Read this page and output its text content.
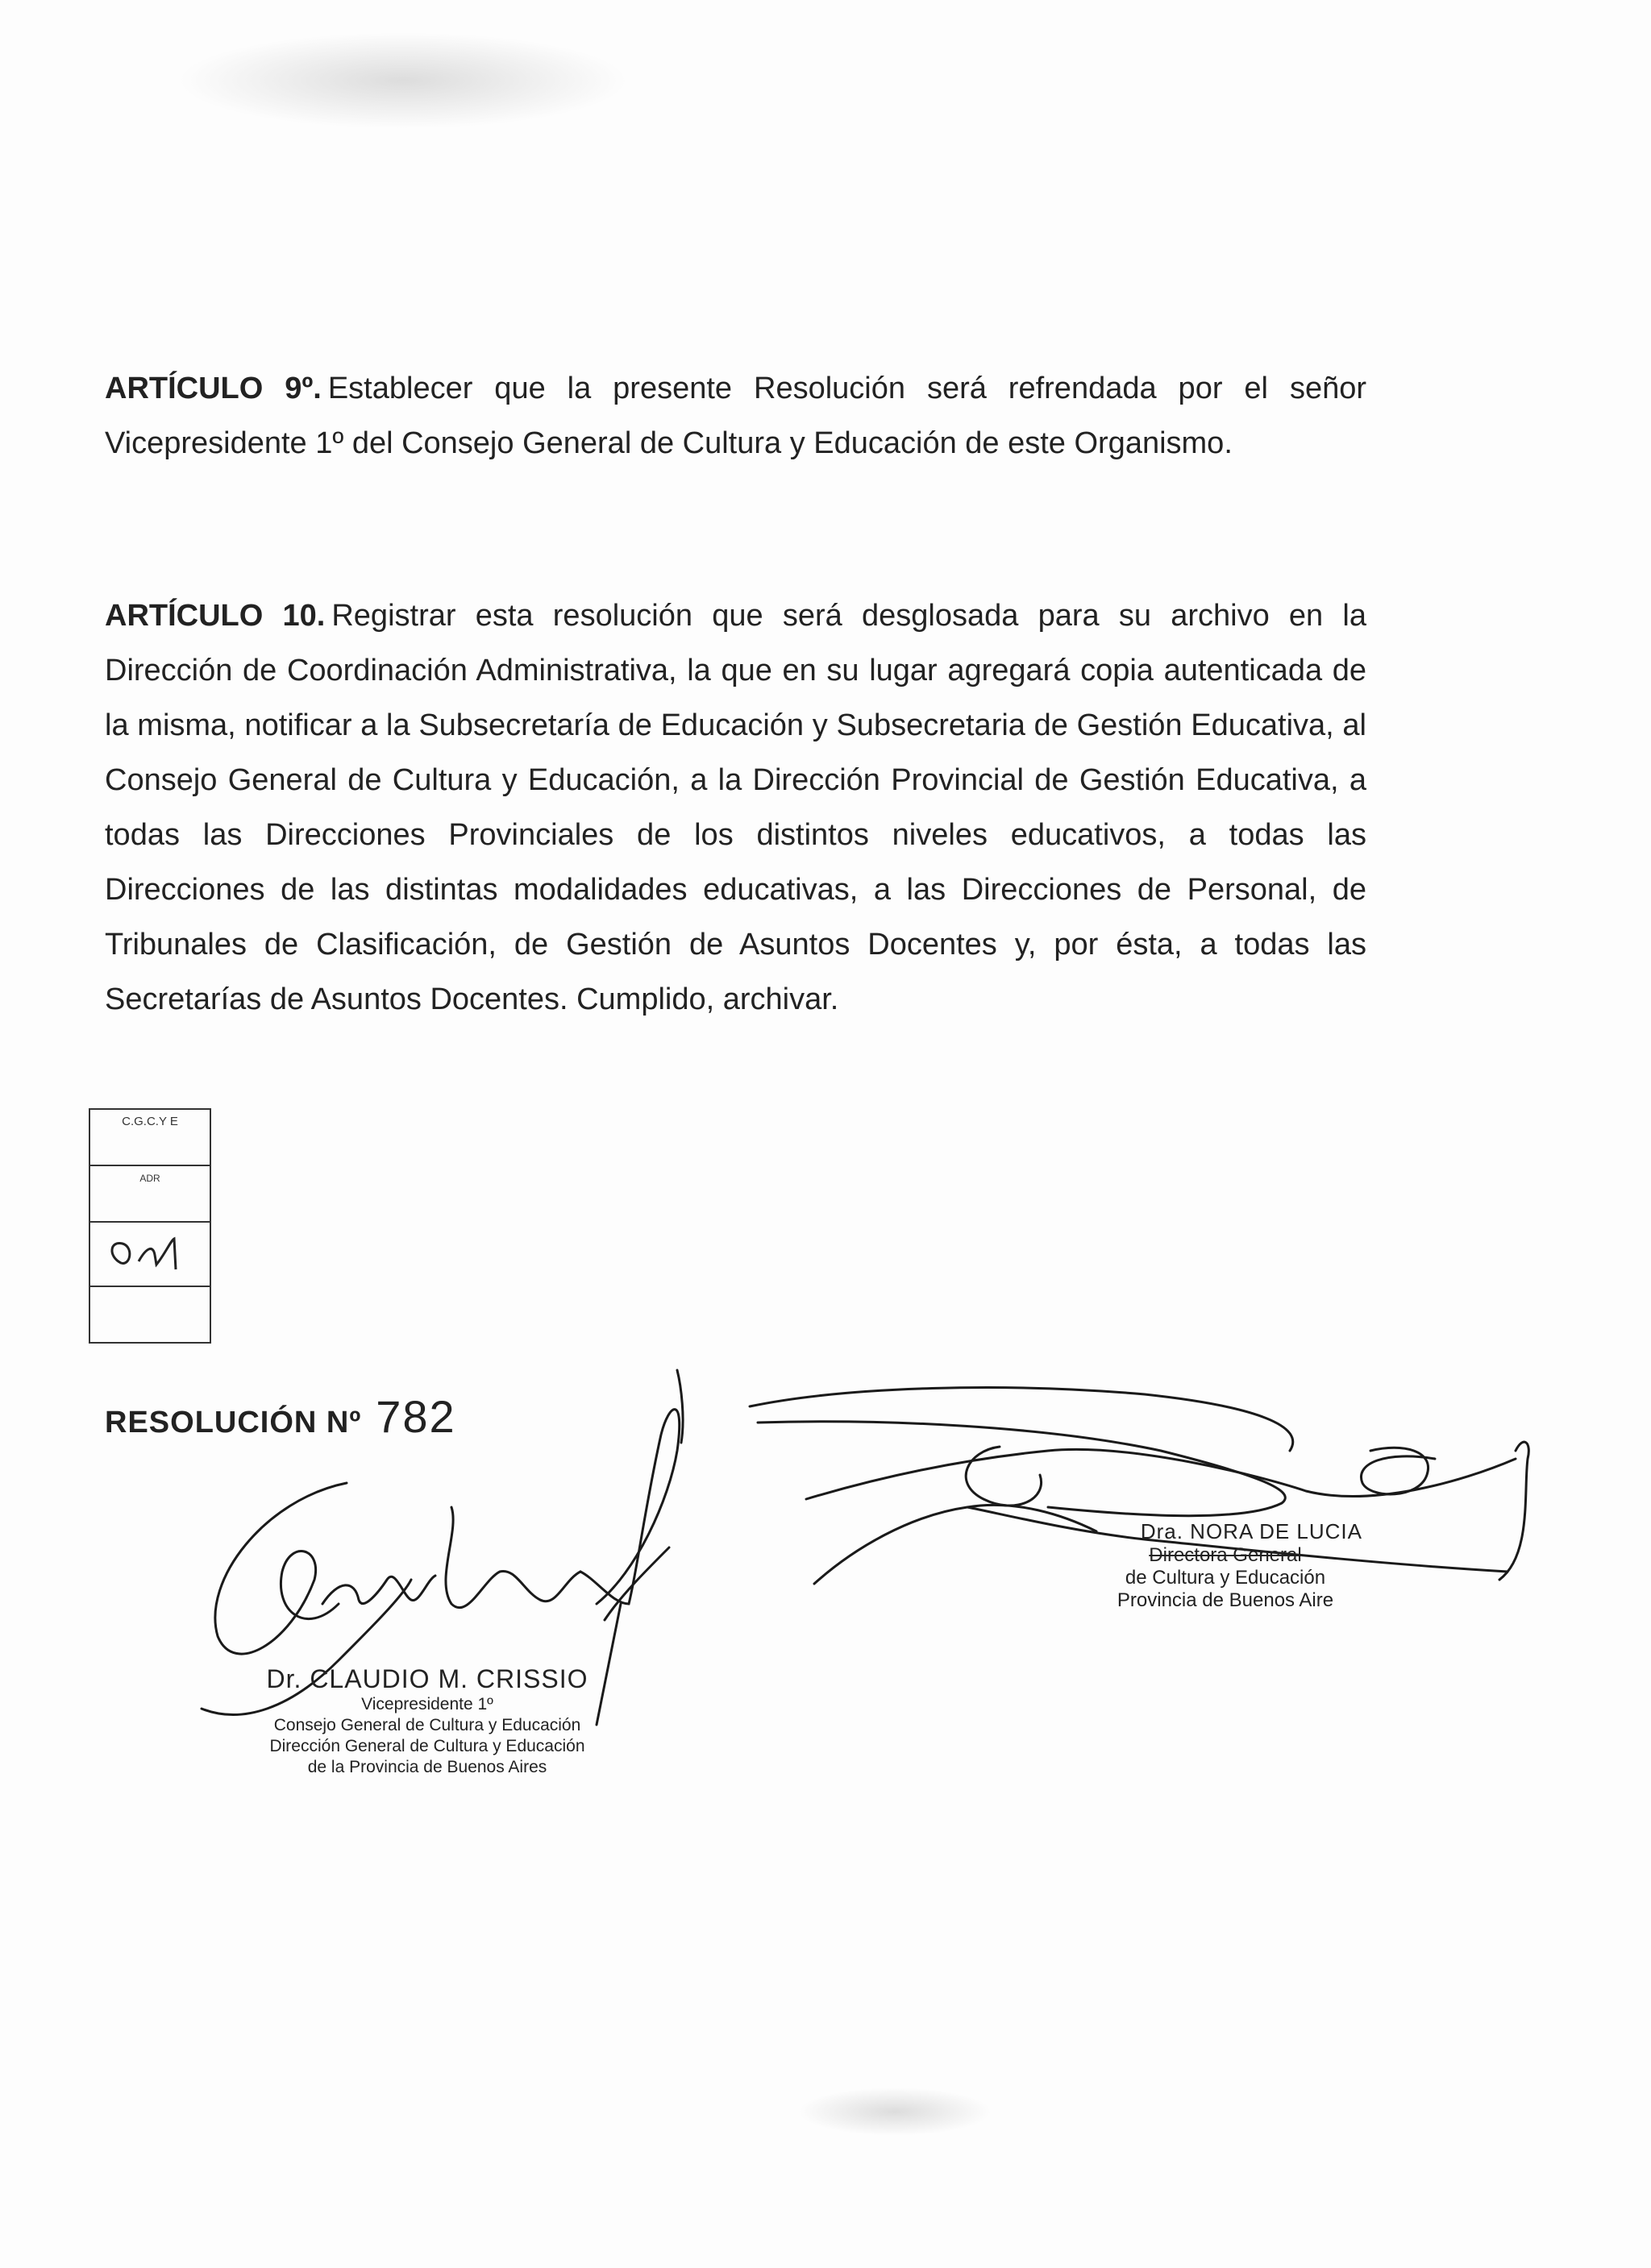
ARTÍCULO 9º. Establecer que la presente Resolución será refrendada por el señor Vicepresidente 1º del Consejo General de Cultura y Educación de este Organismo.
ARTÍCULO 10. Registrar esta resolución que será desglosada para su archivo en la Dirección de Coordinación Administrativa, la que en su lugar agregará copia autenticada de la misma, notificar a la Subsecretaría de Educación y Subsecretaria de Gestión Educativa, al Consejo General de Cultura y Educación, a la Dirección Provincial de Gestión Educativa, a todas las Direcciones Provinciales de los distintos niveles educativos, a todas las Direcciones de las distintas modalidades educativas, a las Direcciones de Personal, de Tribunales de Clasificación, de Gestión de Asuntos Docentes y, por ésta, a todas las Secretarías de Asuntos Docentes. Cumplido, archivar.
C.G.C.Y E
ADR
RESOLUCIÓN Nº 782
Dr. CLAUDIO M. CRISSIO
Vicepresidente 1º
Consejo General de Cultura y Educación
Dirección General de Cultura y Educación
de la Provincia de Buenos Aires
Dra. NORA DE LUCIA
Directora General
de Cultura y Educación
Provincia de Buenos Aire
